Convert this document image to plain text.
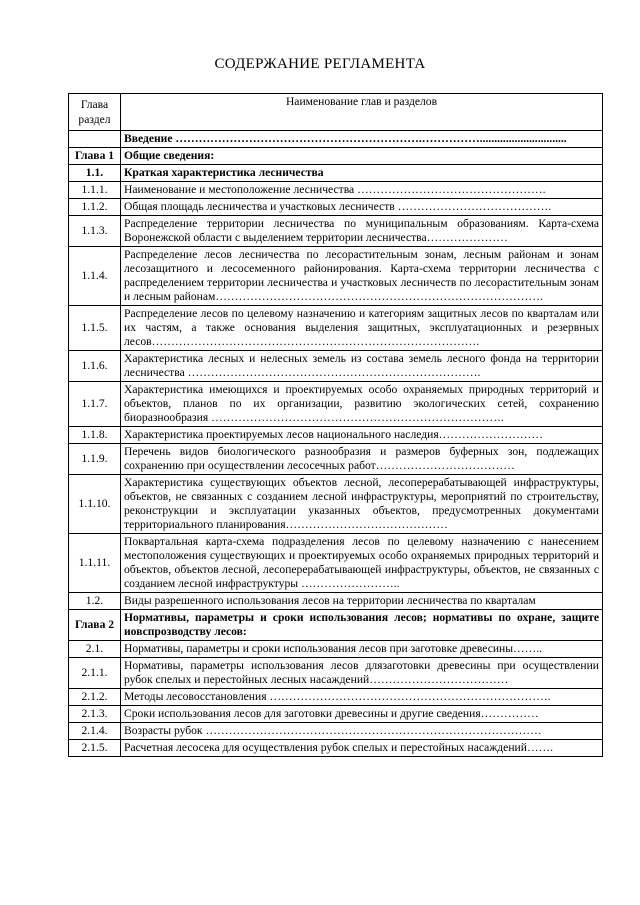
СОДЕРЖАНИЕ РЕГЛАМЕНТА
Глава
раздел	Наименование глав и разделов
	Введение ……………………………………………………….……………..............................
Глава 1	Общие сведения:
1.1.	Краткая характеристика лесничества
1.1.1.	Наименование и местоположение лесничества ………………………………………….
1.1.2.	Общая площадь лесничества и участковых лесничеств ………………………………….
1.1.3.	Распределение территории лесничества по муниципальным образованиям. Карта-схема Воронежской области с выделением территории лесничества…………………
1.1.4.	Распределение лесов лесничества по лесорастительным зонам, лесным районам и зонам лесозащитного и лесосеменного районирования. Карта-схема территории лесничества с распределением территории лесничества и участковых лесничеств по лесорастительным зонам и лесным районам………………………………………………………………………….
1.1.5.	Распределение лесов по целевому назначению и категориям защитных лесов по кварталам или их частям, а также основания выделения защитных, эксплуатационных и резервных лесов………………………………………………………………………….
1.1.6.	Характеристика лесных и нелесных земель из состава земель лесного фонда на территории лесничества ………………………………………………………………….
1.1.7.	Характеристика имеющихся и проектируемых особо охраняемых природных территорий и объектов, планов по их организации, развитию экологических сетей, сохранению биоразнообразия ………………………………………………………………….
1.1.8.	Характеристика проектируемых лесов национального наследия………………………
1.1.9.	Перечень видов биологического разнообразия и размеров буферных зон, подлежащих сохранению при осуществлении лесосечных работ………………………………
1.1.10.	Характеристика существующих объектов лесной, лесоперерабатывающей инфраструктуры, объектов, не связанных с созданием лесной инфраструктуры, мероприятий по строительству, реконструкции и эксплуатации указанных объектов, предусмотренных документами территориального планирования……………………………………
1.1.11.	Поквартальная карта-схема подразделения лесов по целевому назначению с нанесением местоположения существующих и проектируемых особо охраняемых природных территорий и объектов, объектов лесной, лесоперерабатывающей инфраструктуры, объектов, не связанных с созданием лесной инфраструктуры ……………………..
1.2.	Виды разрешенного использования лесов на территории лесничества по кварталам
Глава 2	Нормативы, параметры и сроки использования лесов; нормативы по охране, защите иовспрозводству лесов:
2.1.	Нормативы, параметры и сроки использования лесов при заготовке древесины……..
2.1.1.	Нормативы, параметры использования лесов длязаготовки древесины при осуществлении рубок спелых и перестойных лесных насаждений………………………………
2.1.2.	Методы лесовосстановления ……………………………………………………………….
2.1.3.	Сроки использования лесов для заготовки древесины и другие сведения……………
2.1.4.	Возрасты рубок ……………………………………………………………………………
2.1.5.	Расчетная лесосека для осуществления рубок спелых и перестойных насаждений…….
